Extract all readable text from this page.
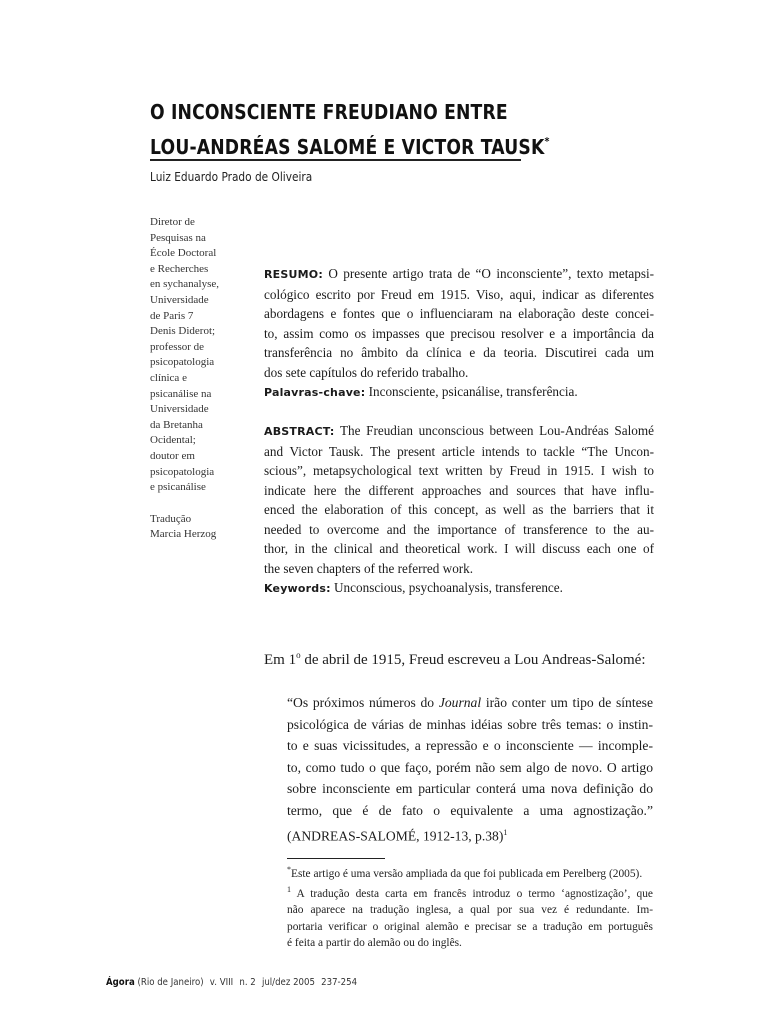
O INCONSCIENTE FREUDIANO ENTRE
LOU-ANDRÉAS SALOMÉ E VICTOR TAUSK*
Luiz Eduardo Prado de Oliveira
Diretor de
Pesquisas na
École Doctoral
e Recherches
en sychanalyse,
Universidade
de Paris 7
Denis Diderot;
professor de
psicopatologia
clínica e
psicanálise na
Universidade
da Bretanha
Ocidental;
doutor em
psicopatologia
e psicanálise
Tradução
Marcia Herzog
RESUMO: O presente artigo trata de “O inconsciente”, texto metapsi-
cológico escrito por Freud em 1915. Viso, aqui, indicar as diferentes
abordagens e fontes que o influenciaram na elaboração deste concei-
to, assim como os impasses que precisou resolver e a importância da
transferência no âmbito da clínica e da teoria. Discutirei cada um
dos sete capítulos do referido trabalho.
Palavras-chave: Inconsciente, psicanálise, transferência.
ABSTRACT: The Freudian unconscious between Lou-Andréas Salomé
and Victor Tausk. The present article intends to tackle “The Uncon-
scious”, metapsychological text written by Freud in 1915. I wish to
indicate here the different approaches and sources that have influ-
enced the elaboration of this concept, as well as the barriers that it
needed to overcome and the importance of transference to the au-
thor, in the clinical and theoretical work. I will discuss each one of
the seven chapters of the referred work.
Keywords: Unconscious, psychoanalysis, transference.
Em 1$^o$ de abril de 1915, Freud escreveu a Lou Andreas-Salomé:
“Os próximos números do Journal irão conter um tipo de síntese
psicológica de várias de minhas idéias sobre três temas: o instin-
to e suas vicissitudes, a repressão e o inconsciente — incomple-
to, como tudo o que faço, porém não sem algo de novo. O artigo
sobre inconsciente em particular conterá uma nova definição do
termo, que é de fato o equivalente a uma agnostização.”
(ANDREAS-SALOMÉ, 1912-13, p.38)$^1$
*Este artigo é uma versão ampliada da que foi publicada em Perelberg (2005).
$^1$ A tradução desta carta em francês introduz o termo ‘agnostização’, que
não aparece na tradução inglesa, a qual por sua vez é redundante. Im-
portaria verificar o original alemão e precisar se a tradução em português
é feita a partir do alemão ou do inglês.
Ágora (Rio de Janeiro) v. VIII n. 2 jul/dez 2005 237-254
